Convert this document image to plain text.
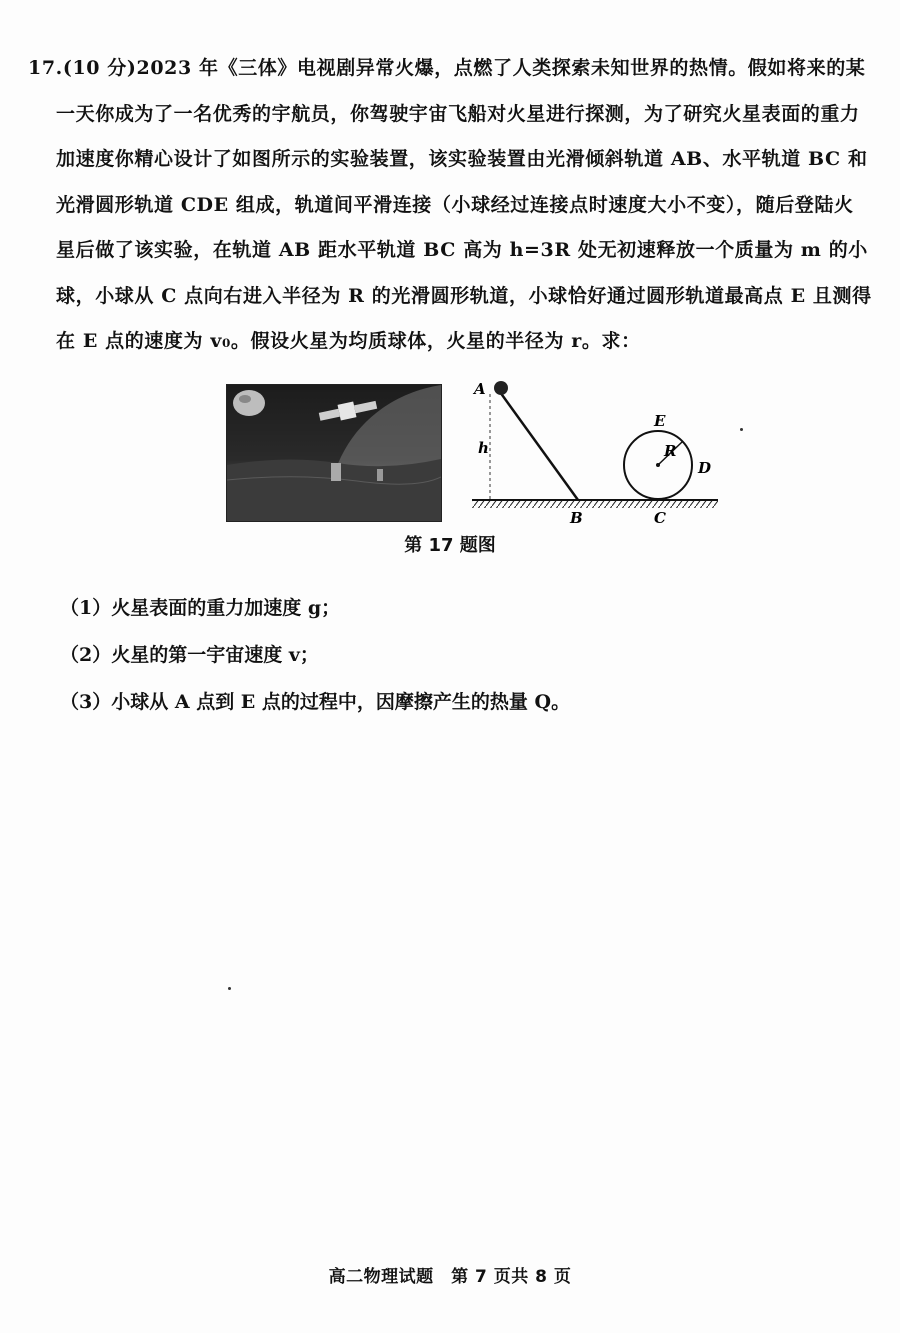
17.(10 分)2023 年《三体》电视剧异常火爆，点燃了人类探索未知世界的热情。假如将来的某一天你成为了一名优秀的宇航员，你驾驶宇宙飞船对火星进行探测，为了研究火星表面的重力加速度你精心设计了如图所示的实验装置，该实验装置由光滑倾斜轨道 AB、水平轨道 BC 和光滑圆形轨道 CDE 组成，轨道间平滑连接（小球经过连接点时速度大小不变），随后登陆火星后做了该实验，在轨道 AB 距水平轨道 BC 高为 h=3R 处无初速释放一个质量为 m 的小球，小球从 C 点向右进入半径为 R 的光滑圆形轨道，小球恰好通过圆形轨道最高点 E 且测得在 E 点的速度为 v₀。假设火星为均质球体，火星的半径为 r。求：

A
h
B	C
E
R
D
第 17 题图
（1）火星表面的重力加速度 g；
（2）火星的第一宇宙速度 v；
（3）小球从 A 点到 E 点的过程中，因摩擦产生的热量 Q。
高二物理试题　第 7 页共 8 页
